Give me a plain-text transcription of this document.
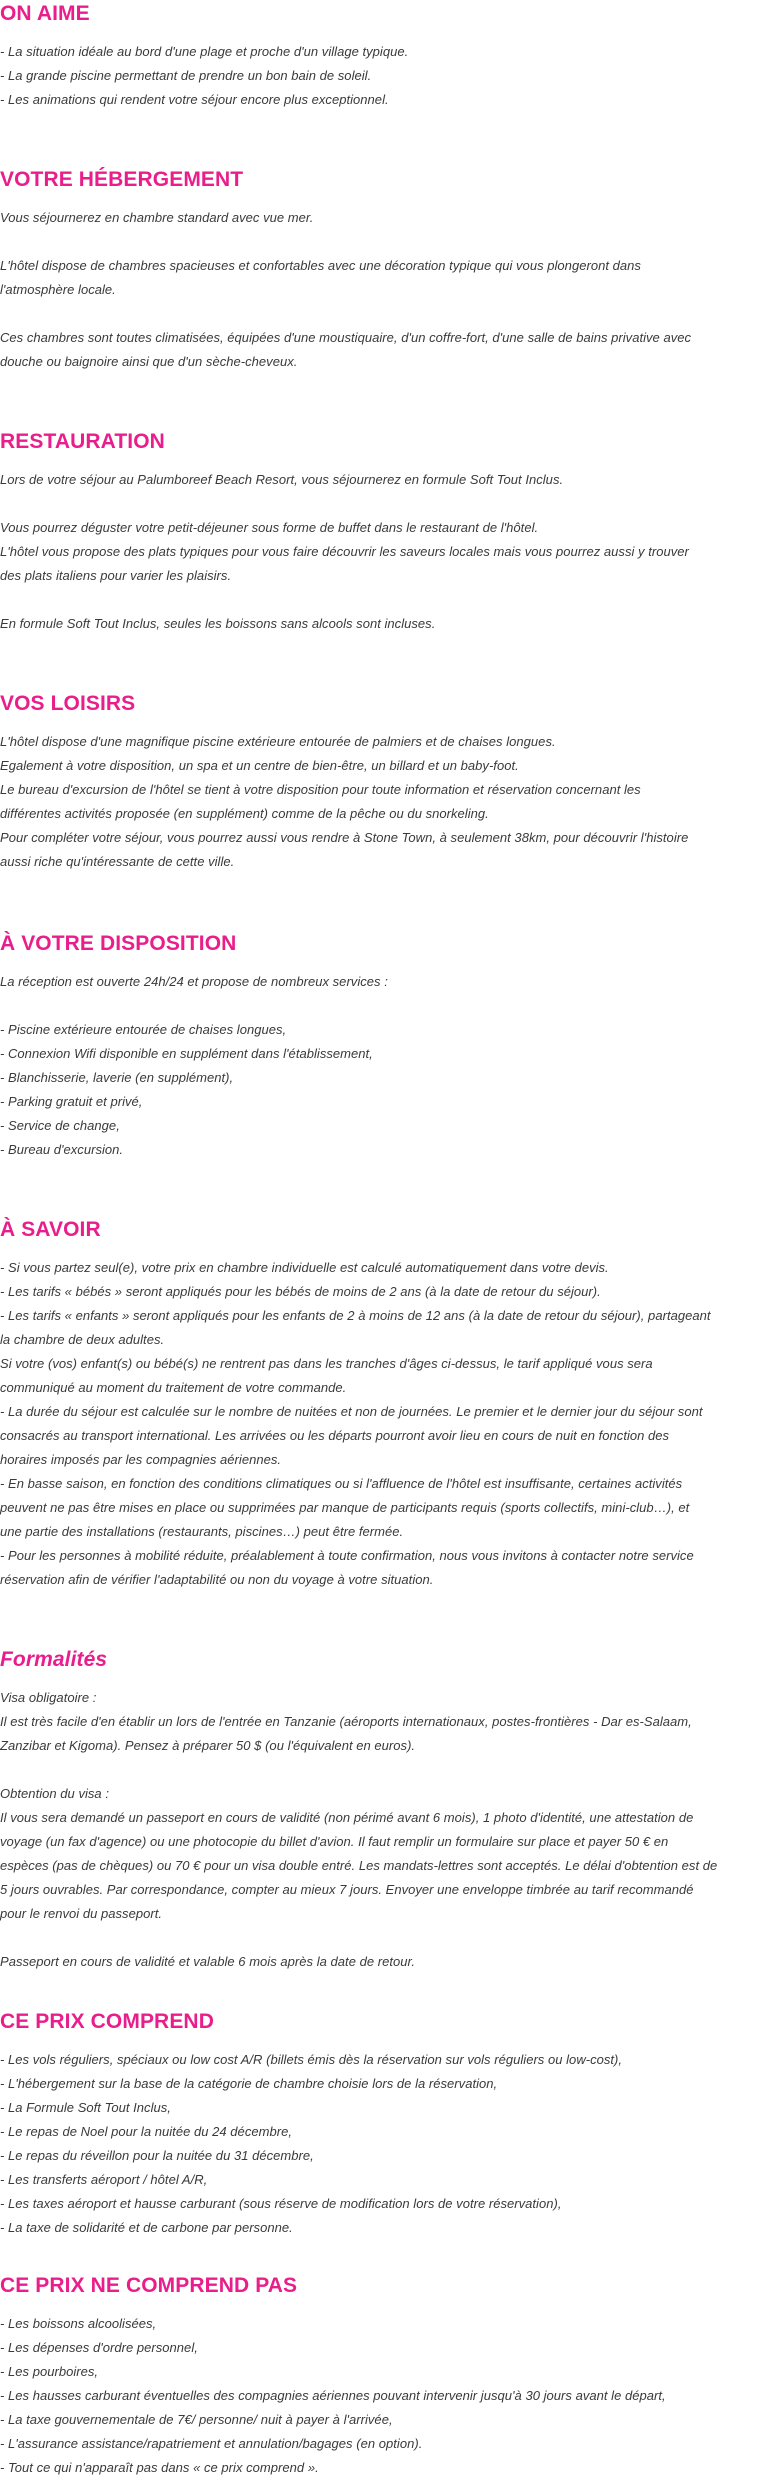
ON AIME
- La situation idéale au bord d'une plage et proche d'un village typique.
- La grande piscine permettant de prendre un bon bain de soleil.
- Les animations qui rendent votre séjour encore plus exceptionnel.
VOTRE HÉBERGEMENT
Vous séjournerez en chambre standard avec vue mer.
L'hôtel dispose de chambres spacieuses et confortables avec une décoration typique qui vous plongeront dans
l'atmosphère locale.
Ces chambres sont toutes climatisées, équipées d'une moustiquaire, d'un coffre-fort, d'une salle de bains privative avec
douche ou baignoire ainsi que d'un sèche-cheveux.
RESTAURATION
Lors de votre séjour au Palumboreef Beach Resort, vous séjournerez en formule Soft Tout Inclus.
Vous pourrez déguster votre petit-déjeuner sous forme de buffet dans le restaurant de l'hôtel.
L'hôtel vous propose des plats typiques pour vous faire découvrir les saveurs locales mais vous pourrez aussi y trouver
des plats italiens pour varier les plaisirs.
En formule Soft Tout Inclus, seules les boissons sans alcools sont incluses.
VOS LOISIRS
L'hôtel dispose d'une magnifique piscine extérieure entourée de palmiers et de chaises longues.
Egalement à votre disposition, un spa et un centre de bien-être, un billard et un baby-foot.
Le bureau d'excursion de l'hôtel se tient à votre disposition pour toute information et réservation concernant les
différentes activités proposée (en supplément) comme de la pêche ou du snorkeling.
Pour compléter votre séjour, vous pourrez aussi vous rendre à Stone Town, à seulement 38km, pour découvrir l'histoire
aussi riche qu'intéressante de cette ville.
À VOTRE DISPOSITION
La réception est ouverte 24h/24 et propose de nombreux services :
- Piscine extérieure entourée de chaises longues,
- Connexion Wifi disponible en supplément dans l'établissement,
- Blanchisserie, laverie (en supplément),
- Parking gratuit et privé,
- Service de change,
- Bureau d'excursion.
À SAVOIR
- Si vous partez seul(e), votre prix en chambre individuelle est calculé automatiquement dans votre devis.
- Les tarifs « bébés » seront appliqués pour les bébés de moins de 2 ans (à la date de retour du séjour).
- Les tarifs « enfants » seront appliqués pour les enfants de 2 à moins de 12 ans (à la date de retour du séjour), partageant
la chambre de deux adultes.
Si votre (vos) enfant(s) ou bébé(s) ne rentrent pas dans les tranches d'âges ci-dessus, le tarif appliqué vous sera
communiqué au moment du traitement de votre commande.
- La durée du séjour est calculée sur le nombre de nuitées et non de journées. Le premier et le dernier jour du séjour sont
consacrés au transport international. Les arrivées ou les départs pourront avoir lieu en cours de nuit en fonction des
horaires imposés par les compagnies aériennes.
- En basse saison, en fonction des conditions climatiques ou si l'affluence de l'hôtel est insuffisante, certaines activités
peuvent ne pas être mises en place ou supprimées par manque de participants requis (sports collectifs, mini-club…), et
une partie des installations (restaurants, piscines…) peut être fermée.
- Pour les personnes à mobilité réduite, préalablement à toute confirmation, nous vous invitons à contacter notre service
réservation afin de vérifier l'adaptabilité ou non du voyage à votre situation.
Formalités
Visa obligatoire :
Il est très facile d'en établir un lors de l'entrée en Tanzanie (aéroports internationaux, postes-frontières - Dar es-Salaam,
Zanzibar et Kigoma). Pensez à préparer 50 $ (ou l'équivalent en euros).
Obtention du visa :
Il vous sera demandé un passeport en cours de validité (non périmé avant 6 mois), 1 photo d'identité, une attestation de
voyage (un fax d'agence) ou une photocopie du billet d'avion. Il faut remplir un formulaire sur place et payer 50 € en
espèces (pas de chèques) ou 70 € pour un visa double entré. Les mandats-lettres sont acceptés. Le délai d'obtention est de
5 jours ouvrables. Par correspondance, compter au mieux 7 jours. Envoyer une enveloppe timbrée au tarif recommandé
pour le renvoi du passeport.
Passeport en cours de validité et valable 6 mois après la date de retour.
CE PRIX COMPREND
- Les vols réguliers, spéciaux ou low cost A/R (billets émis dès la réservation sur vols réguliers ou low-cost),
- L'hébergement sur la base de la catégorie de chambre choisie lors de la réservation,
- La Formule Soft Tout Inclus,
- Le repas de Noel pour la nuitée du 24 décembre,
- Le repas du réveillon pour la nuitée du 31 décembre,
- Les transferts aéroport / hôtel A/R,
- Les taxes aéroport et hausse carburant (sous réserve de modification lors de votre réservation),
- La taxe de solidarité et de carbone par personne.
CE PRIX NE COMPREND PAS
- Les boissons alcoolisées,
- Les dépenses d'ordre personnel,
- Les pourboires,
- Les hausses carburant éventuelles des compagnies aériennes pouvant intervenir jusqu'à 30 jours avant le départ,
- La taxe gouvernementale de 7€/ personne/ nuit à payer à l'arrivée,
- L'assurance assistance/rapatriement et annulation/bagages (en option).
- Tout ce qui n'apparaît pas dans « ce prix comprend ».
